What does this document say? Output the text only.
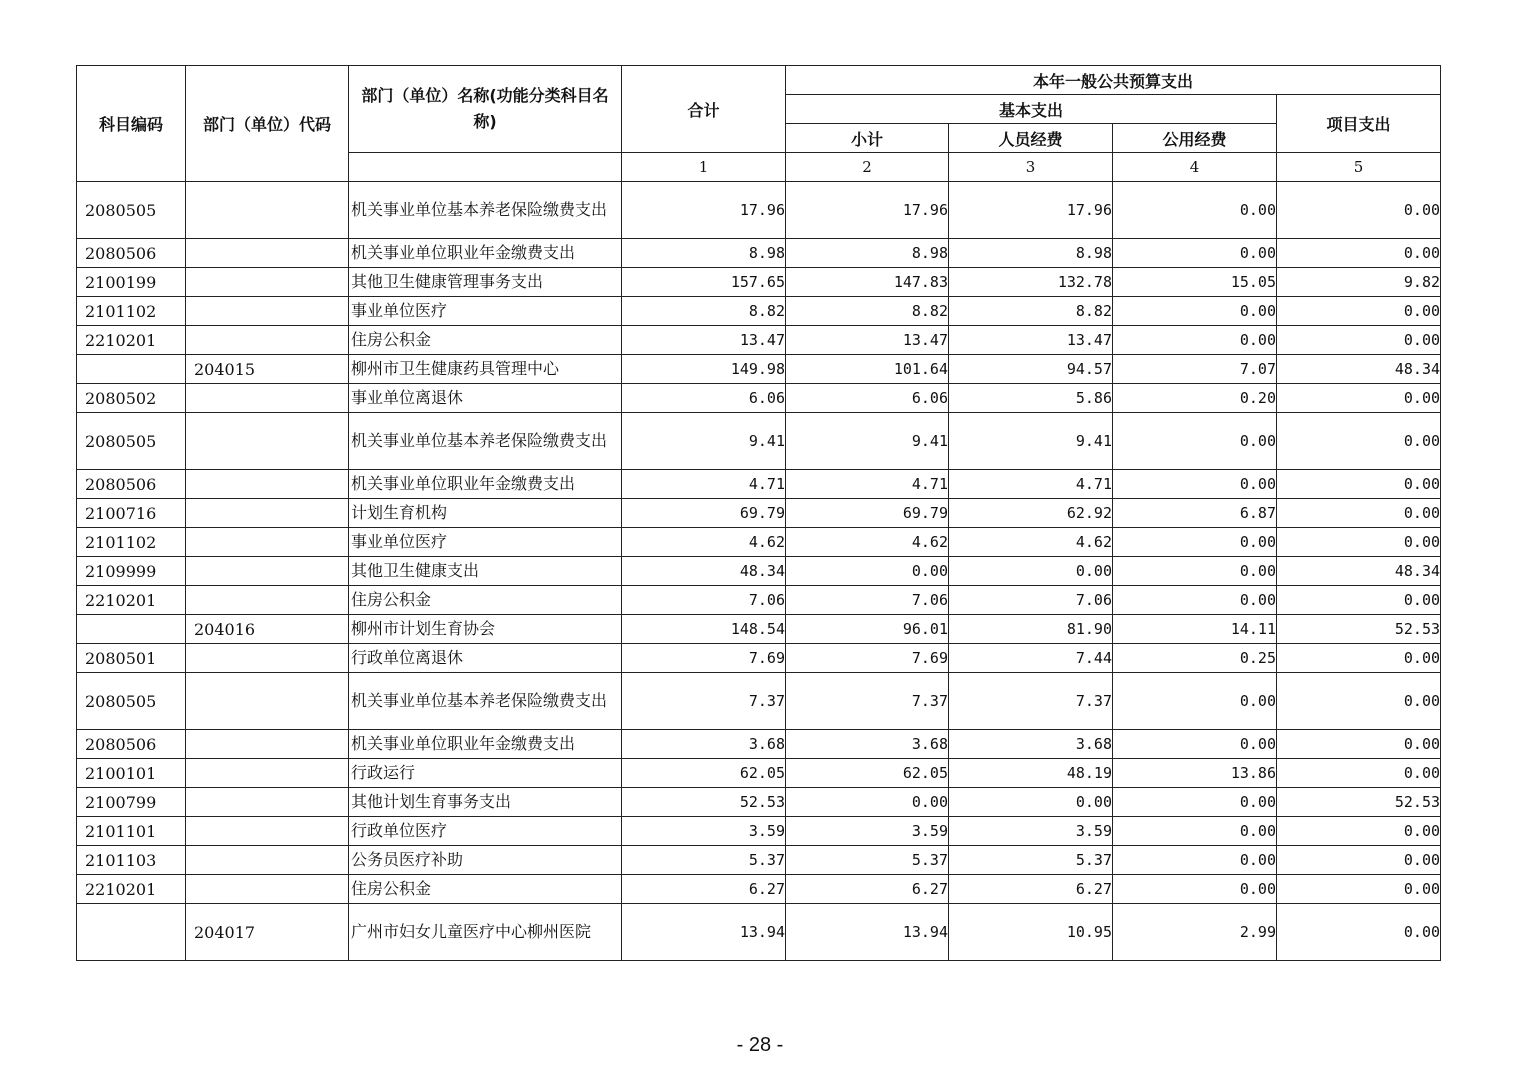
科目编码	部门（单位）代码	部门（单位）名称(功能分类科目名称)	合计	本年一般公共预算支出			
				基本支出			项目支出
				小计	人员经费	公用经费	
			1	2	3	4	5
2080505		机关事业单位基本养老保险缴费支出	17.96	17.96	17.96	0.00	0.00
2080506		机关事业单位职业年金缴费支出	8.98	8.98	8.98	0.00	0.00
2100199		其他卫生健康管理事务支出	157.65	147.83	132.78	15.05	9.82
2101102		事业单位医疗	8.82	8.82	8.82	0.00	0.00
2210201		住房公积金	13.47	13.47	13.47	0.00	0.00
	204015	柳州市卫生健康药具管理中心	149.98	101.64	94.57	7.07	48.34
2080502		事业单位离退休	6.06	6.06	5.86	0.20	0.00
2080505		机关事业单位基本养老保险缴费支出	9.41	9.41	9.41	0.00	0.00
2080506		机关事业单位职业年金缴费支出	4.71	4.71	4.71	0.00	0.00
2100716		计划生育机构	69.79	69.79	62.92	6.87	0.00
2101102		事业单位医疗	4.62	4.62	4.62	0.00	0.00
2109999		其他卫生健康支出	48.34	0.00	0.00	0.00	48.34
2210201		住房公积金	7.06	7.06	7.06	0.00	0.00
	204016	柳州市计划生育协会	148.54	96.01	81.90	14.11	52.53
2080501		行政单位离退休	7.69	7.69	7.44	0.25	0.00
2080505		机关事业单位基本养老保险缴费支出	7.37	7.37	7.37	0.00	0.00
2080506		机关事业单位职业年金缴费支出	3.68	3.68	3.68	0.00	0.00
2100101		行政运行	62.05	62.05	48.19	13.86	0.00
2100799		其他计划生育事务支出	52.53	0.00	0.00	0.00	52.53
2101101		行政单位医疗	3.59	3.59	3.59	0.00	0.00
2101103		公务员医疗补助	5.37	5.37	5.37	0.00	0.00
2210201		住房公积金	6.27	6.27	6.27	0.00	0.00
	204017	广州市妇女儿童医疗中心柳州医院	13.94	13.94	10.95	2.99	0.00
- 28 -
